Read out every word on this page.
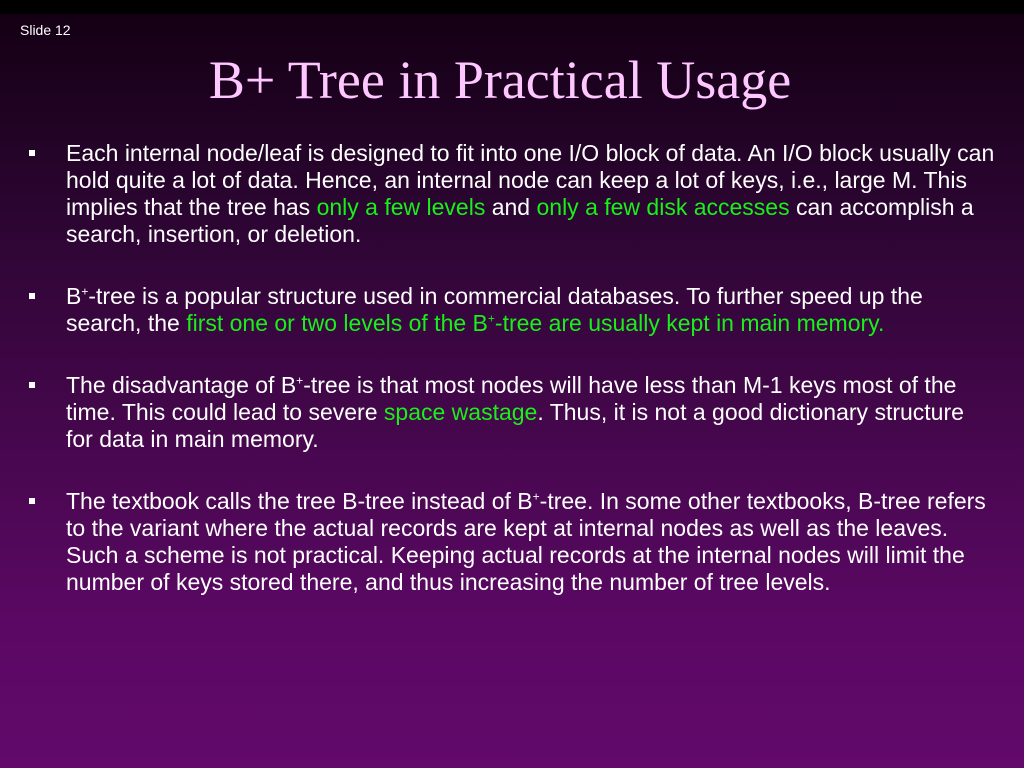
Slide 12
B+ Tree in Practical Usage
Each internal node/leaf is designed to fit into one I/O block of data. An I/O block usually can hold quite a lot of data. Hence, an internal node can keep a lot of keys, i.e., large M. This implies that the tree has only a few levels and only a few disk accesses can accomplish a search, insertion, or deletion.
B+-tree is a popular structure used in commercial databases. To further speed up the search, the first one or two levels of the B+-tree are usually kept in main memory.
The disadvantage of B+-tree is that most nodes will have less than M-1 keys most of the time. This could lead to severe space wastage. Thus, it is not a good dictionary structure for data in main memory.
The textbook calls the tree B-tree instead of B+-tree. In some other textbooks, B-tree refers to the variant where the actual records are kept at internal nodes as well as the leaves. Such a scheme is not practical. Keeping actual records at the internal nodes will limit the number of keys stored there, and thus increasing the number of tree levels.
